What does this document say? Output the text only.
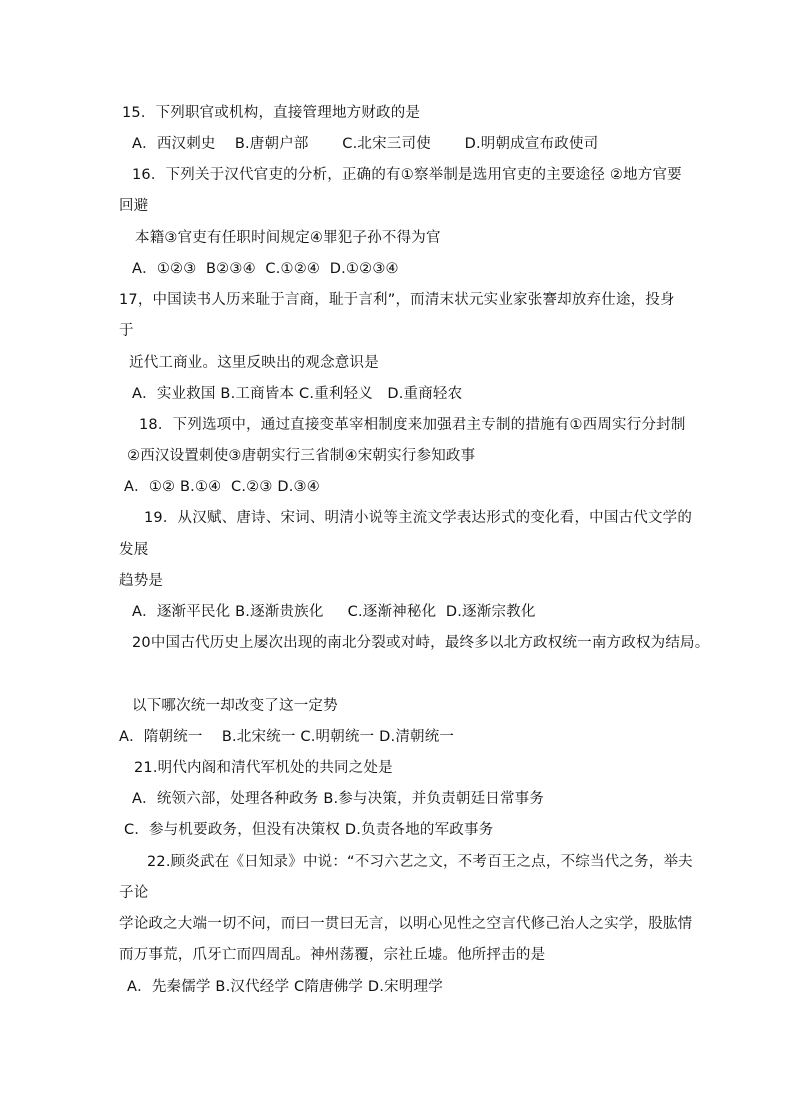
15．下列职官或机构，直接管理地方财政的是
A．西汉刺史    B.唐朝户部       C.北宋三司使       D.明朝成宣布政使司
16．下列关于汉代官吏的分析，正确的有①察举制是选用官吏的主要途径 ②地方官要
回避
本籍③官吏有任职时间规定④罪犯子孙不得为官
A．①②③  B②③④  C.①②④  D.①②③④
17，中国读书人历来耻于言商，耻于言利”，而清末状元实业家张謇却放弃仕途，投身
于
近代工商业。这里反映出的观念意识是
A．实业救国 B.工商皆本 C.重利轻义   D.重商轻农
18．下列选项中，通过直接变革宰相制度来加强君主专制的措施有①西周实行分封制
②西汉设置刺使③唐朝实行三省制④宋朝实行参知政事
A．①② B.①④  C.②③ D.③④
19．从汉赋、唐诗、宋词、明清小说等主流文学表达形式的变化看，中国古代文学的
发展
趋势是
A．逐渐平民化 B.逐渐贵族化     C.逐渐神秘化  D.逐渐宗教化
20中国古代历史上屡次出现的南北分裂或对峙，最终多以北方政权统一南方政权为结局。
以下哪次统一却改变了这一定势
A．隋朝统一    B.北宋统一 C.明朝统一 D.清朝统一
21.明代内阁和清代军机处的共同之处是
A．统领六部，处理各种政务 B.参与决策，并负责朝廷日常事务
C．参与机要政务，但没有决策权 D.负责各地的军政事务
22.顾炎武在《日知录》中说：“不习六艺之文，不考百王之点，不综当代之务，举夫
子论
学论政之大端一切不问，而曰一贯曰无言，以明心见性之空言代修己治人之实学，股肱情
而万事荒，爪牙亡而四周乱。神州荡覆，宗社丘墟。他所抨击的是
A．先秦儒学 B.汉代经学 C隋唐佛学 D.宋明理学
